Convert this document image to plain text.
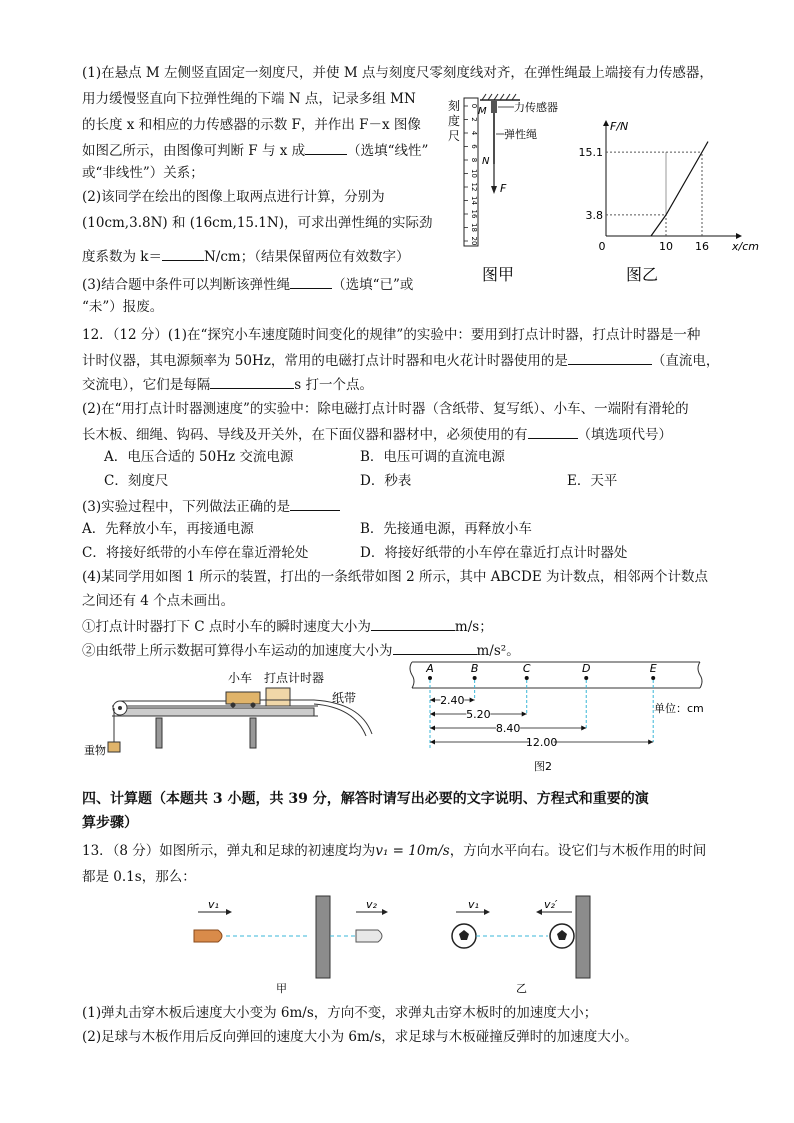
(1)在悬点 M 左侧竖直固定一刻度尺，并使 M 点与刻度尺零刻度线对齐，在弹性绳最上端接有力传感器，
用力缓慢竖直向下拉弹性绳的下端 N 点，记录多组 MN
的长度 x 和相应的力传感器的示数 F，并作出 F－x 图像
如图乙所示，由图像可判断 F 与 x 成	（选填“线性”
或“非线性”）关系；
(2)该同学在绘出的图像上取两点进行计算，分别为
(10cm,3.8N) 和 (16cm,15.1N)，可求出弹性绳的实际劲
度系数为 k＝	N/cm；（结果保留两位有效数字）
(3)结合题中条件可以判断该弹性绳	（选填“已”或
“未”）报废。
刻
度
尺
0
2
4
6
8
10
12
14
16
18
20
M 力传感器
弹性绳
N
F
图甲
F/N
x/cm
0	10 16
3.8
15.1
图乙
12．（12 分）(1)在“探究小车速度随时间变化的规律”的实验中：要用到打点计时器，打点计时器是一种
计时仪器，其电源频率为 50Hz，常用的电磁打点计时器和电火花计时器使用的是	（直流电，
交流电），它们是每隔	s 打一个点。
(2)在“用打点计时器测速度”的实验中：除电磁打点计时器（含纸带、复写纸）、小车、一端附有滑轮的
长木板、细绳、钩码、导线及开关外，在下面仪器和器材中，必须使用的有	（填选项代号）
A．电压合适的 50Hz 交流电源	B．电压可调的直流电源
C．刻度尺	D．秒表	E．天平
(3)实验过程中，下列做法正确的是
A．先释放小车，再接通电源	B．先接通电源，再释放小车
C．将接好纸带的小车停在靠近滑轮处	D．将接好纸带的小车停在靠近打点计时器处
(4)某同学用如图 1 所示的装置，打出的一条纸带如图 2 所示，其中 ABCDE 为计数点，相邻两个计数点
之间还有 4 个点未画出。
①打点计时器打下 C 点时小车的瞬时速度大小为	m/s；
②由纸带上所示数据可算得小车运动的加速度大小为	m/s²。
小车 打点计时器
重物
纸带
A	B	C	D	E
2.40
5.20
8.40
12.00
单位：cm
图2
四、计算题（本题共 3 小题，共 39 分，解答时请写出必要的文字说明、方程式和重要的演
算步骤）
13．（8 分）如图所示，弹丸和足球的初速度均为v₁ = 10m/s，方向水平向右。设它们与木板作用的时间
都是 0.1s，那么：
v₁	v₂
甲
v₁	v₂′
乙
(1)弹丸击穿木板后速度大小变为 6m/s，方向不变，求弹丸击穿木板时的加速度大小；
(2)足球与木板作用后反向弹回的速度大小为 6m/s，求足球与木板碰撞反弹时的加速度大小。
